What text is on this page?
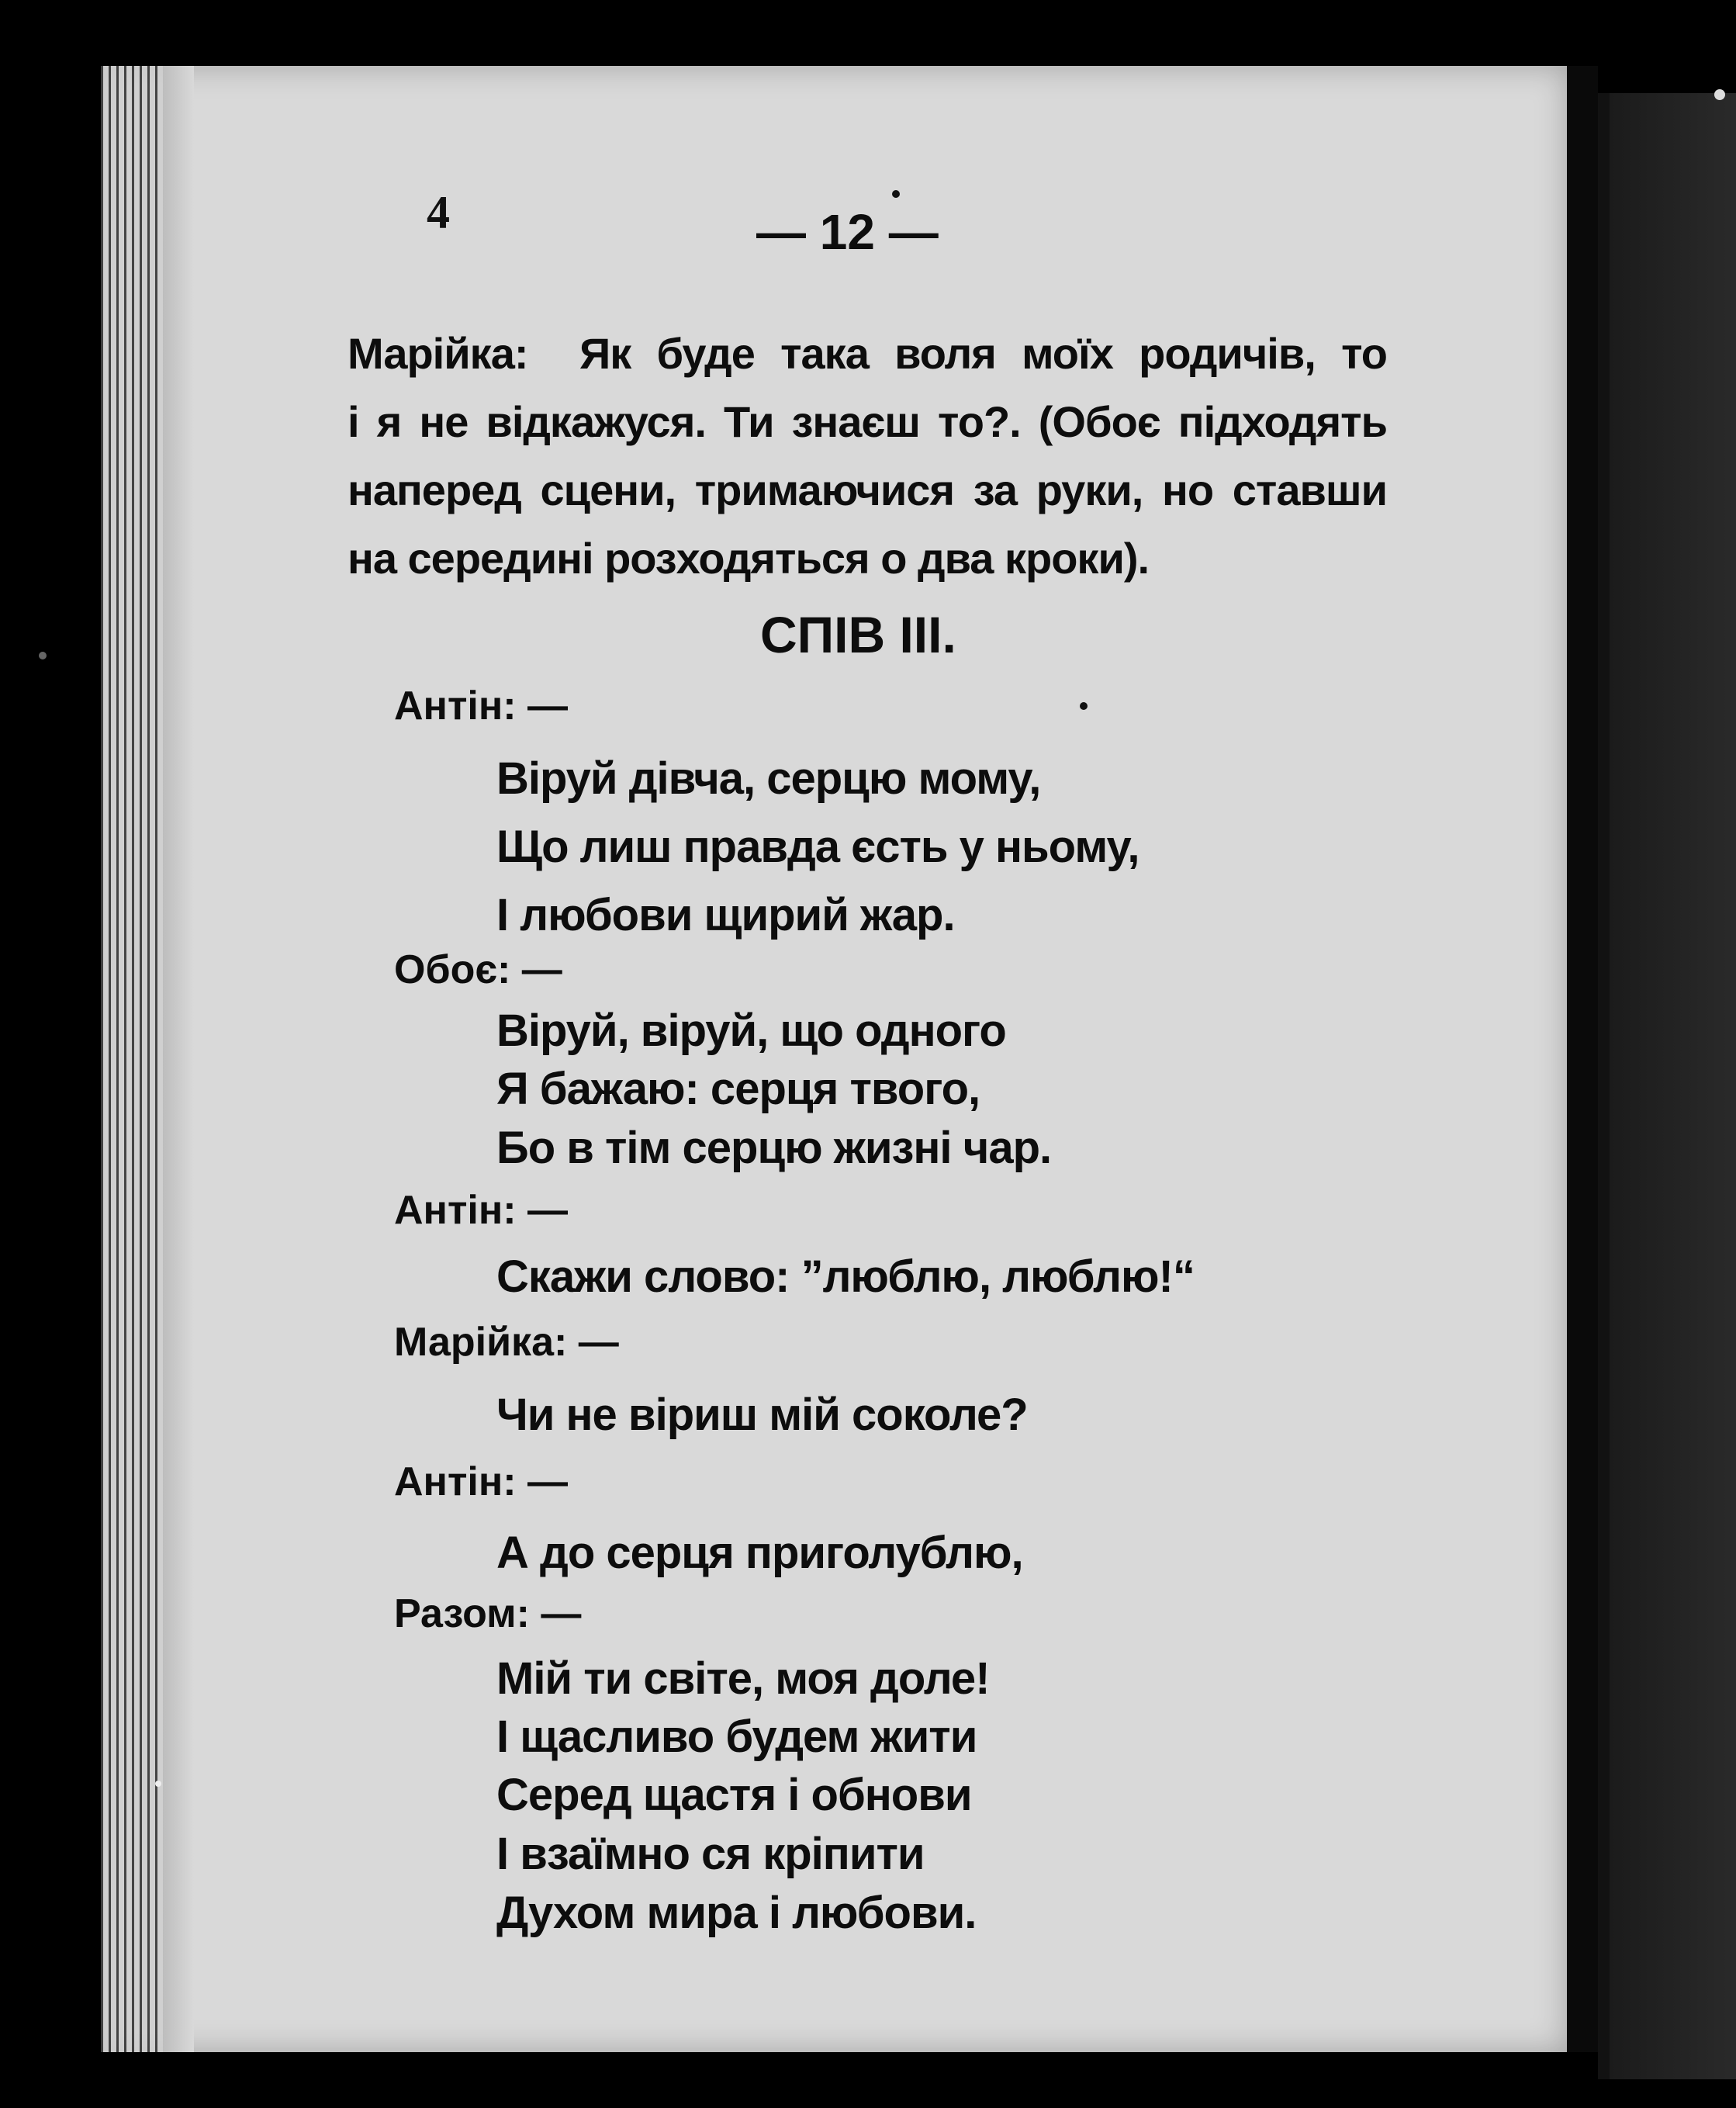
4	— 12 —
Марійка: Як буде така воля моїх родичів, то
і я не відкажуся. Ти знаєш то?. (Обоє підходять
наперед сцени, тримаючися за руки, но ставши
на середині розходяться о два кроки).
СПІВ ІІІ.
Антін: —
Віруй дівча, серцю мому,
Що лиш правда єсть у ньому,
І любови щирий жар.
Обоє: —
Віруй, віруй, що одного
Я бажаю: серця твого,
Бо в тім серцю жизні чар.
Антін: —
Скажи слово: ”люблю, люблю!“
Марійка: —
Чи не віриш мій соколе?
Антін: —
А до серця приголублю,
Разом: —
Мій ти світе, моя доле!
І щасливо будем жити
Серед щастя і обнови
І взаїмно ся кріпити
Духом мира і любови.
